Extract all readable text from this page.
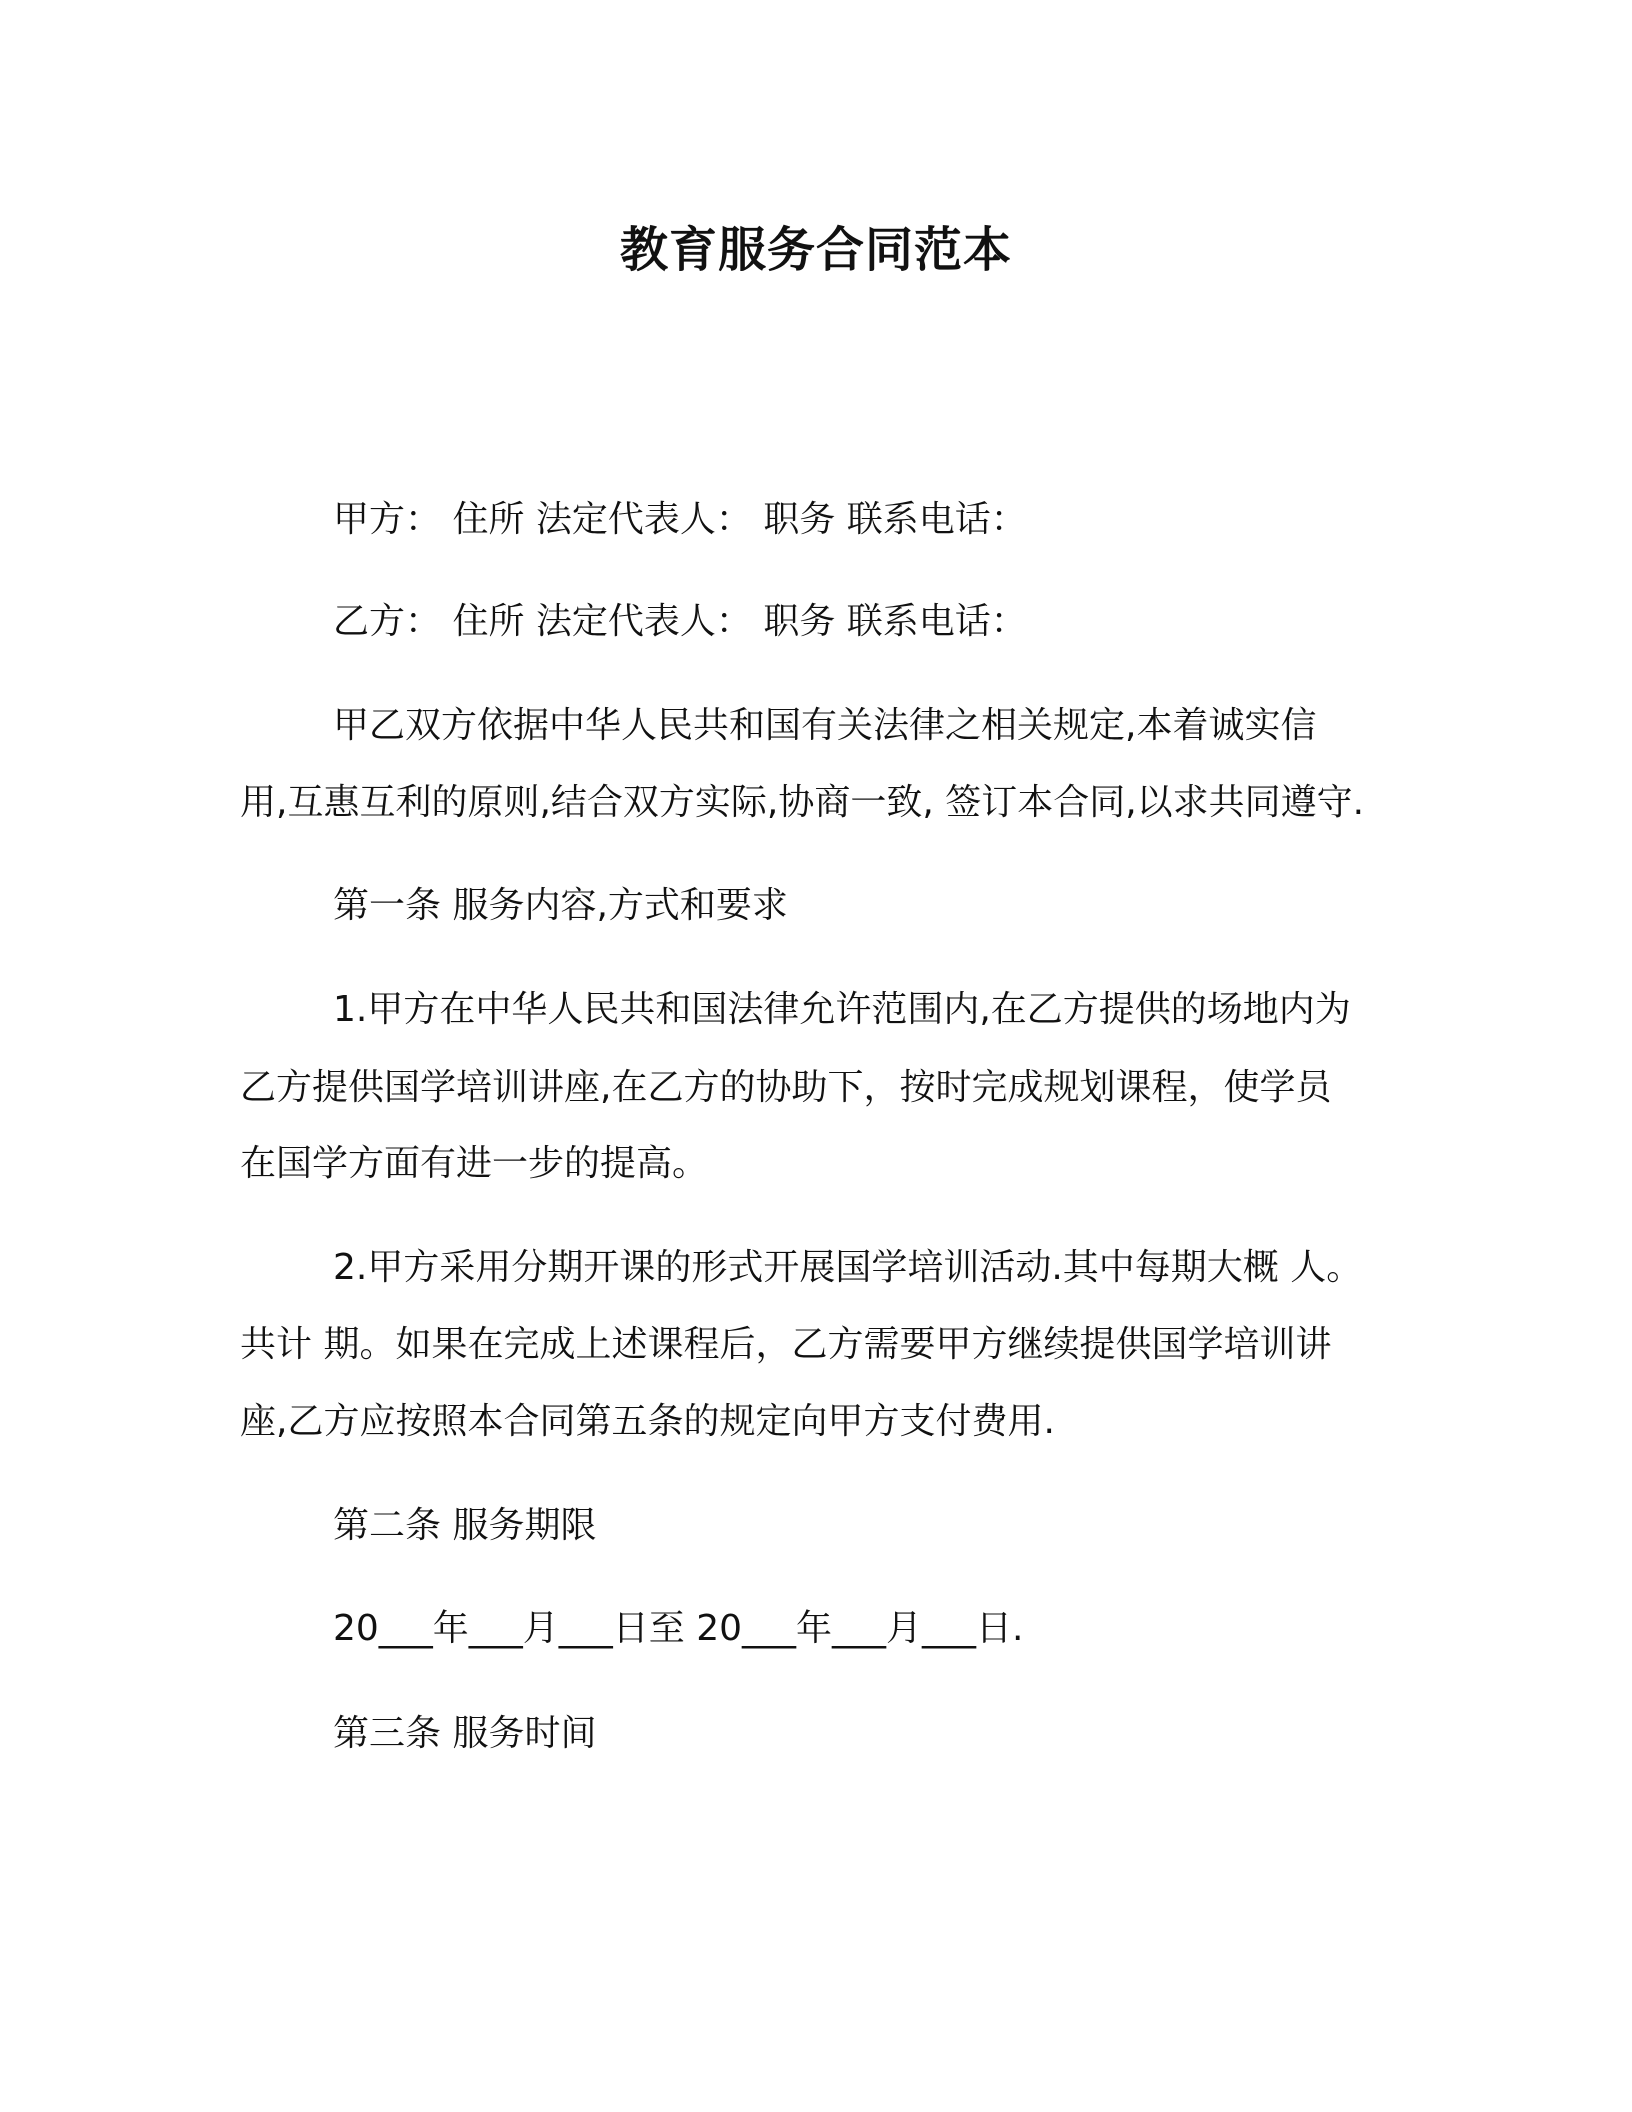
教育服务合同范本
甲方： 住所 法定代表人： 职务 联系电话：
乙方： 住所 法定代表人： 职务 联系电话：
甲乙双方依据中华人民共和国有关法律之相关规定,本着诚实信
用,互惠互利的原则,结合双方实际,协商一致, 签订本合同,以求共同遵守.
第一条 服务内容,方式和要求
1.甲方在中华人民共和国法律允许范围内,在乙方提供的场地内为
乙方提供国学培训讲座,在乙方的协助下，按时完成规划课程，使学员
在国学方面有进一步的提高。
2.甲方采用分期开课的形式开展国学培训活动.其中每期大概 人。
共计 期。如果在完成上述课程后，乙方需要甲方继续提供国学培训讲
座,乙方应按照本合同第五条的规定向甲方支付费用.
第二条 服务期限
20___年___月___日至 20___年___月___日.
第三条 服务时间
